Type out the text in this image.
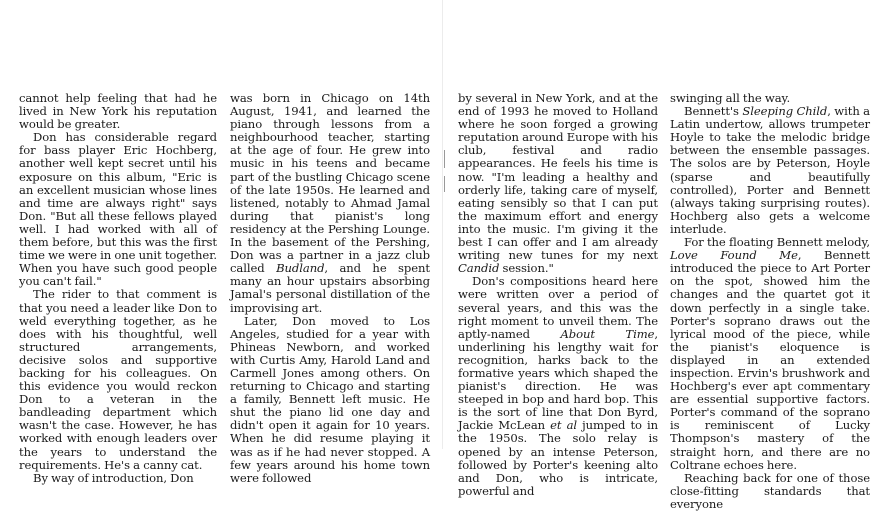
cannot help feeling that had he lived in New York his reputation would be greater.

Don has considerable regard for bass player Eric Hochberg, another well kept secret until his exposure on this album, "Eric is an excellent musician whose lines and time are always right" says Don. "But all these fellows played well. I had worked with all of them before, but this was the first time we were in one unit together. When you have such good people you can't fail."

The rider to that comment is that you need a leader like Don to weld everything together, as he does with his thoughtful, well structured arrangements, decisive solos and supportive backing for his colleagues. On this evidence you would reckon Don to a veteran in the bandleading department which wasn't the case. However, he has worked with enough leaders over the years to understand the requirements. He's a canny cat.

By way of introduction, Don

was born in Chicago on 14th August, 1941, and learned the piano through lessons from a neighbourhood teacher, starting at the age of four. He grew into music in his teens and became part of the bustling Chicago scene of the late 1950s. He learned and listened, notably to Ahmad Jamal during that pianist's long residency at the Pershing Lounge. In the basement of the Pershing, Don was a partner in a jazz club called Budland, and he spent many an hour upstairs absorbing Jamal's personal distillation of the improvising art.

Later, Don moved to Los Angeles, studied for a year with Phineas Newborn, and worked with Curtis Amy, Harold Land and Carmell Jones among others. On returning to Chicago and starting a family, Bennett left music. He shut the piano lid one day and didn't open it again for 10 years. When he did resume playing it was as if he had never stopped. A few years around his home town were followed

by several in New York, and at the end of 1993 he moved to Holland where he soon forged a growing reputation around Europe with his club, festival and radio appearances. He feels his time is now. "I'm leading a healthy and orderly life, taking care of myself, eating sensibly so that I can put the maximum effort and energy into the music. I'm giving it the best I can offer and I am already writing new tunes for my next Candid session."

Don's compositions heard here were written over a period of several years, and this was the right moment to unveil them. The aptly-named About Time, underlining his lengthy wait for recognition, harks back to the formative years which shaped the pianist's direction. He was steeped in bop and hard bop. This is the sort of line that Don Byrd, Jackie McLean et al jumped to in the 1950s. The solo relay is opened by an intense Peterson, followed by Porter's keening alto and Don, who is intricate, powerful and

swinging all the way.

Bennett's Sleeping Child, with a Latin undertow, allows trumpeter Hoyle to take the melodic bridge between the ensemble passages. The solos are by Peterson, Hoyle (sparse and beautifully controlled), Porter and Bennett (always taking surprising routes). Hochberg also gets a welcome interlude.

For the floating Bennett melody, Love Found Me, Bennett introduced the piece to Art Porter on the spot, showed him the changes and the quartet got it down perfectly in a single take. Porter's soprano draws out the lyrical mood of the piece, while the pianist's eloquence is displayed in an extended inspection. Ervin's brushwork and Hochberg's ever apt commentary are essential supportive factors. Porter's command of the soprano is reminiscent of Lucky Thompson's mastery of the straight horn, and there are no Coltrane echoes here.

Reaching back for one of those close-fitting standards that everyone
